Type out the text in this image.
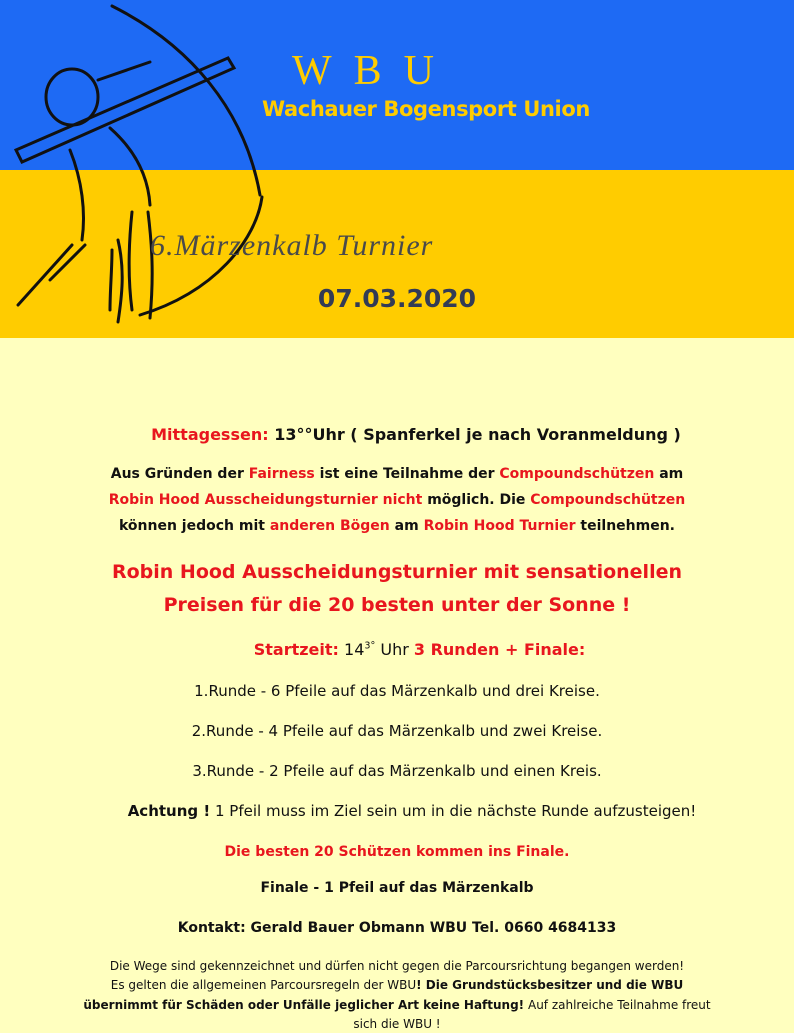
WBU
Wachauer Bogensport Union
6.Märzenkalb Turnier
07.03.2020
Mittagessen: 13°°Uhr ( Spanferkel je nach Voranmeldung )
Aus Gründen der Fairness ist eine Teilnahme der Compoundschützen am
Robin Hood Ausscheidungsturnier nicht möglich. Die Compoundschützen
können jedoch mit anderen Bögen am Robin Hood Turnier teilnehmen.
Robin Hood Ausscheidungsturnier mit sensationellen
Preisen für die 20 besten unter der Sonne !
Startzeit: $14^{3^\circ}$ Uhr 3 Runden + Finale:
1.Runde - 6 Pfeile auf das Märzenkalb und drei Kreise.
2.Runde - 4 Pfeile auf das Märzenkalb und zwei Kreise.
3.Runde - 2 Pfeile auf das Märzenkalb und einen Kreis.
Achtung ! 1 Pfeil muss im Ziel sein um in die nächste Runde aufzusteigen!
Die besten 20 Schützen kommen ins Finale.
Finale - 1 Pfeil auf das Märzenkalb
Kontakt: Gerald Bauer Obmann WBU Tel. 0660 4684133
Die Wege sind gekennzeichnet und dürfen nicht gegen die Parcoursrichtung begangen werden!
Es gelten die allgemeinen Parcoursregeln der WBU! Die Grundstücksbesitzer und die WBU
übernimmt für Schäden oder Unfälle jeglicher Art keine Haftung! Auf zahlreiche Teilnahme freut
sich die WBU !
